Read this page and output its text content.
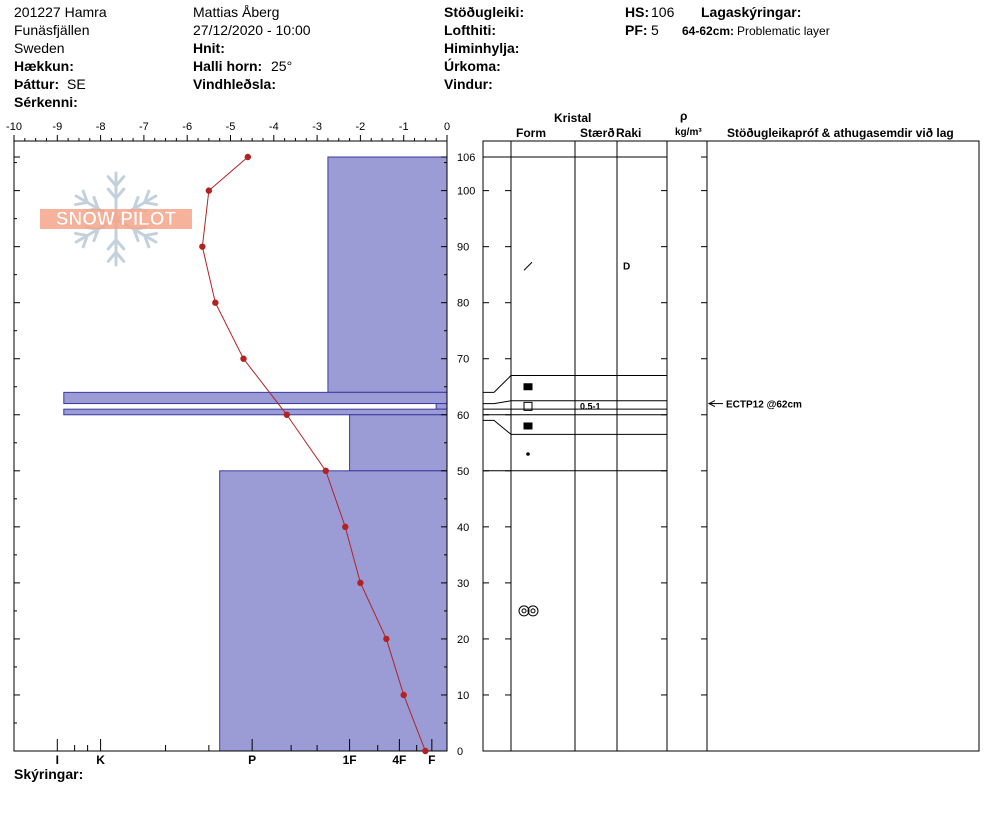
201227 Hamra
Funäsfjällen
Sweden
Hækkun:
Þáttur: SE
Sérkenni:
Mattias Åberg
27/12/2020 - 10:00
Hnit:
Halli horn: 25°
Vindhleðsla:
Stöðugleiki:
Lofthiti:
Himinhylja:
Úrkoma:
Vindur:
HS: 106
PF: 5
Lagaskýringar:
64-62cm: Problematic layer
Kristal
Form	Stærð Raki
ρ
kg/m³ Stöðugleikapróf & athugasemdir við lag
Skýringar:
SNOW PILOT
-10	-9	-8	-7	-6	-5	-4	-3	-2	-1	0
0
10
20
30
40
50
60
70
80
90
100
106
I	K	P	1F	4F F
0.5-1
D
ECTP12 @62cm
